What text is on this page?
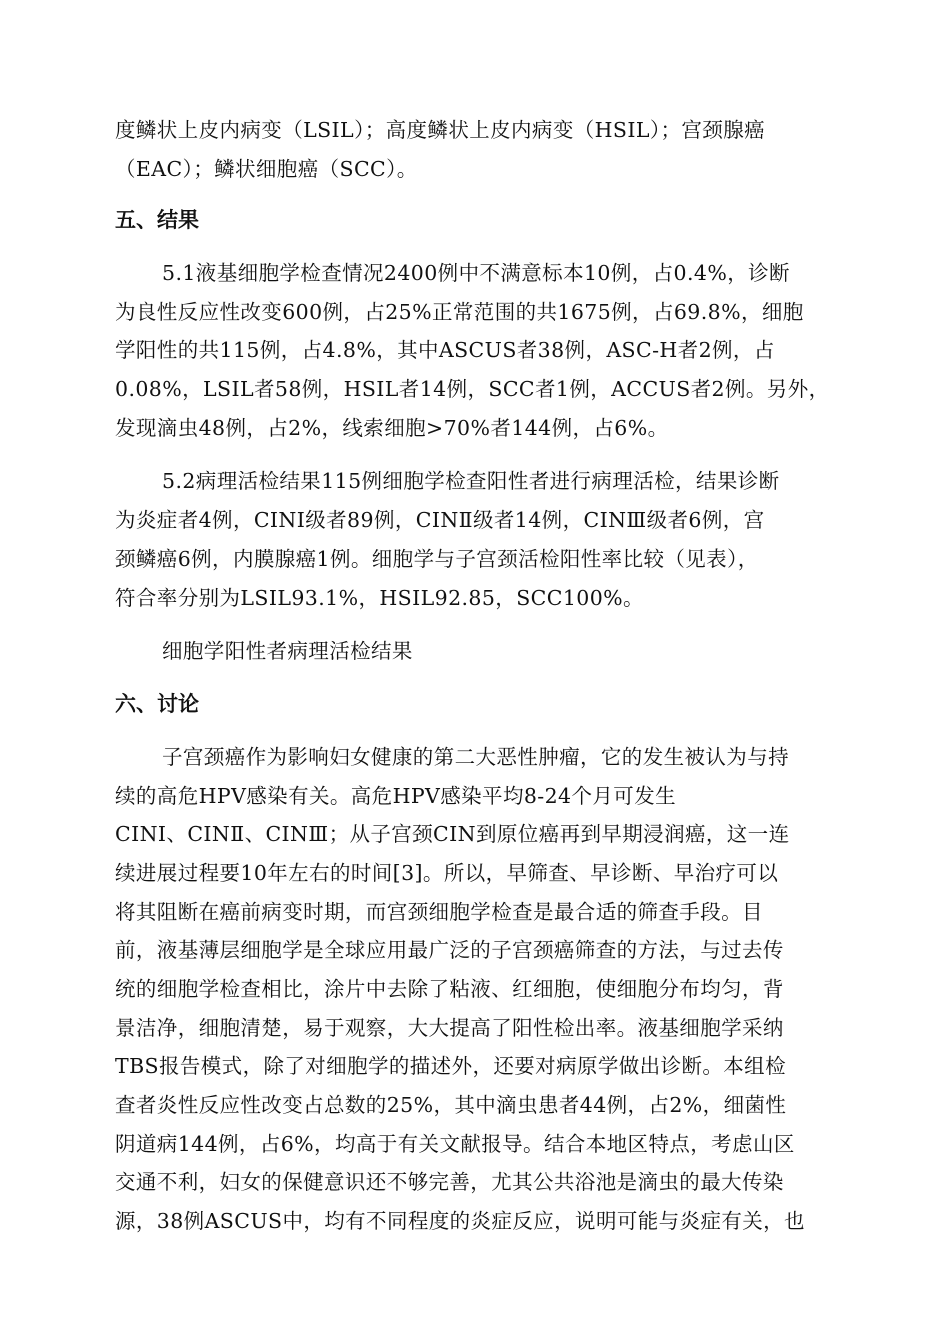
度鳞状上皮内病变（LSIL）；高度鳞状上皮内病变（HSIL）；宫颈腺癌
（EAC）；鳞状细胞癌（SCC）。
五、结果
5.1液基细胞学检查情况2400例中不满意标本10例，占0.4%，诊断
为良性反应性改变600例，占25%正常范围的共1675例，占69.8%，细胞
学阳性的共115例，占4.8%，其中ASCUS者38例，ASC-H者2例，占
0.08%，LSIL者58例，HSIL者14例，SCC者1例，ACCUS者2例。另外，
发现滴虫48例，占2%，线索细胞>70%者144例，占6%。
5.2病理活检结果115例细胞学检查阳性者进行病理活检，结果诊断
为炎症者4例，CINⅠ级者89例，CINⅡ级者14例，CINⅢ级者6例，宫
颈鳞癌6例，内膜腺癌1例。细胞学与子宫颈活检阳性率比较（见表），
符合率分别为LSIL93.1%，HSIL92.85，SCC100%。
细胞学阳性者病理活检结果
六、讨论
子宫颈癌作为影响妇女健康的第二大恶性肿瘤，它的发生被认为与持
续的高危HPV感染有关。高危HPV感染平均8-24个月可发生
CINⅠ、CINⅡ、CINⅢ；从子宫颈CIN到原位癌再到早期浸润癌，这一连
续进展过程要10年左右的时间[3]。所以，早筛查、早诊断、早治疗可以
将其阻断在癌前病变时期，而宫颈细胞学检查是最合适的筛查手段。目
前，液基薄层细胞学是全球应用最广泛的子宫颈癌筛查的方法，与过去传
统的细胞学检查相比，涂片中去除了粘液、红细胞，使细胞分布均匀，背
景洁净，细胞清楚，易于观察，大大提高了阳性检出率。液基细胞学采纳
TBS报告模式，除了对细胞学的描述外，还要对病原学做出诊断。本组检
查者炎性反应性改变占总数的25%，其中滴虫患者44例，占2%，细菌性
阴道病144例，占6%，均高于有关文献报导。结合本地区特点，考虑山区
交通不利，妇女的保健意识还不够完善，尤其公共浴池是滴虫的最大传染
源，38例ASCUS中，均有不同程度的炎症反应，说明可能与炎症有关，也
